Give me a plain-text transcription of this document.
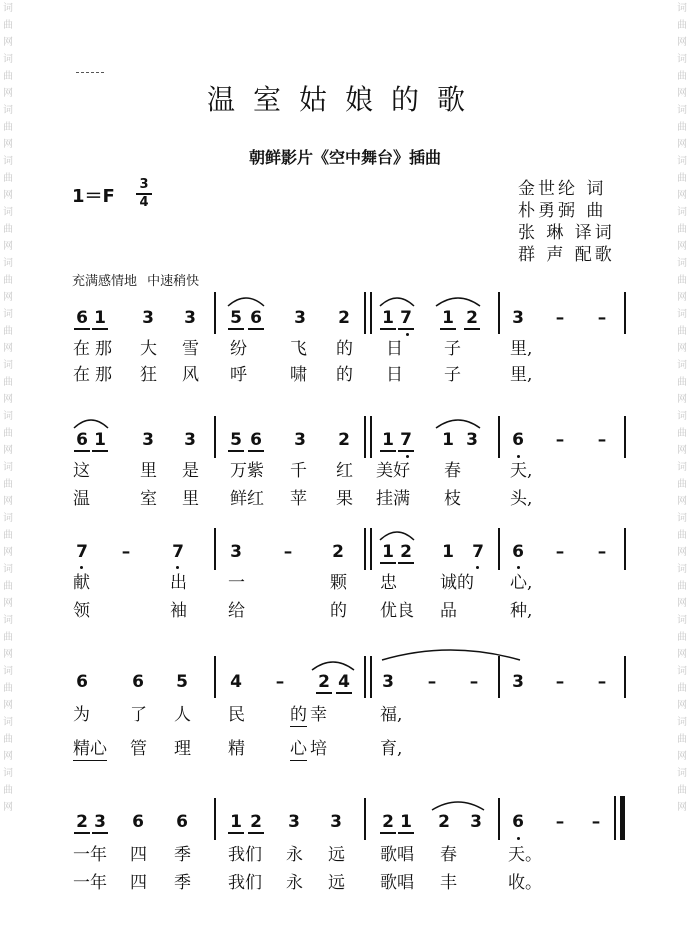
词曲网 词曲网 词曲网 词曲网 词曲网 词曲网 词曲网 词曲网 词曲网 词曲网 词曲网 词曲网 词曲网 词曲网 词曲网 词曲网
词曲网 词曲网 词曲网 词曲网 词曲网 词曲网 词曲网 词曲网 词曲网 词曲网 词曲网 词曲网 词曲网 词曲网 词曲网 词曲网
温室姑娘的歌
朝鲜影片《空中舞台》插曲
1＝F
3
4
金世纶 词
朴勇弼 曲
张 琳 译词
群 声 配歌
充满感情地 中速稍快
6 1 3 3 5 6 3 2 1 7 1 2 3 – –
在 那 大 雪 纷	飞 的 日 子	里,
在 那 狂 风 呼	啸 的 日 子	里,
6 1 3 3 5 6 3 2 1 7 1 3 6 – –
这	里 是 万紫 千 红 美好 春	天,
温	室 里 鲜红 苹 果 挂满 枝	头,
7 – 7	3 – 2 1 2 1 7 6 – –
献	出 一	颗 忠	诚的 心,
领	袖 给	的 优良 品	种,
6	6 5 4 – 2 4 3 – – 3 – –
为 了 人 民	的 幸	福,
精心 管 理 精	心 培	育,
2 3 6 6 1 2 3 3 2 1 2 3 6 – –
一年 四 季 我们 永 远 歌唱 春	天。
一年 四 季 我们 永 远 歌唱 丰	收。
